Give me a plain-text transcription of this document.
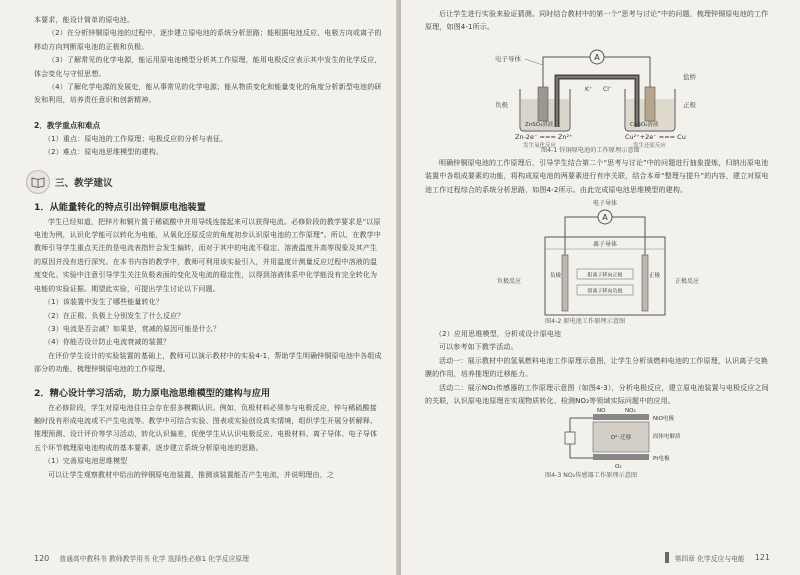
本要求，能设计简单的原电池。

（2）在分析锌铜原电池的过程中，逐步建立原电池的系统分析思路；能根据电池反应、电极方向或离子的移动方向判断原电池的正极和负极。

（3）了解常见的化学电源，能运用原电池模型分析其工作原理，能用电极反应表示其中发生的化学反应，体会变化与守恒思想。

（4）了解化学电源的发展史，能从事常见的化学电源；能从物质变化和能量变化的角度分析新型电池的研发和利用，培养责任意识和创新精神。

2．教学重点和难点

（1）重点：原电池的工作原理；电极反应的分析与表征。

（2）难点：原电池思维模型的建构。

三、教学建议
1．从能量转化的特点引出锌铜原电池装置

学生已经知道，把锌片和铜片置于稀硫酸中并用导线连接起来可以获得电流。必修阶段的教学要求是“以原电池为例，认识化学能可以转化为电能，从氧化还原反应的角度初步认识原电池的工作原理”。所以，在教学中教师引导学生重点关注的是电流表指针会发生偏转，而对于其中的电流不稳定、溶液温度升高等现象及其产生的原因并没有进行深究。在本书内容的教学中，教师可利用该实验引入，并用温度计测量反应过程中溶液的温度变化。实验中注意引导学生关注负极表面的变化及电流的稳定性，以得到溶液体系中化学能没有完全转化为电能的实验证据。期望此实验，可提出学生讨论以下问题。

（1）该装置中发生了哪些能量转化？

（2）在正极、负极上分别发生了什么反应？

（3）电流是否会减？如果是，衰减的原因可能是什么？

（4）你能否设计防止电流衰减的装置？

在评价学生设计的实验装置的基础上，教师可以演示教材中的实验4-1，帮助学生明确锌铜原电池中各组成部分的功能，梳理锌铜原电池的工作原理。

2．精心设计学习活动，助力原电池思维模型的建构与应用

在必修阶段，学生对原电池往往会存在很多模糊认识。例如，负极材料必须参与电极反应，锌与稀硫酸接触时没有形成电流或不产生电流等。教学中可结合实验、图表或实验创设真实情境，组织学生开展分析解释、推理预测、设计评价等学习活动，转化认识偏差，促使学生从认识电极反应、电极材料、离子导体、电子导体五个环节梳理原电池构成的基本要素，逐步建立系统分析原电池的思路。

（1）完善原电池思维模型

可以让学生观察教材中给出的锌铜原电池装置，推测该装置能否产生电流，并说明理由，之

120 普通高中教科书 教师教学用书 化学 选择性必修1 化学反应原理

后让学生进行实验来验证猜测。同时结合教材中的第一个“思考与讨论”中的问题，梳理锌铜原电池的工作原理，如图4-1所示。

A
电子导体
盐桥
K⁺ Cl⁻
负极	正极
ZnSO₄溶液	CuSO₄溶液
Zn-2e⁻ === Zn²⁺	Cu²⁺+2e⁻ === Cu
发生氧化反应	发生还原反应
图4-1 锌铜原电池的工作原理示意图

明确锌铜原电池的工作原理后，引导学生结合第二个“思考与讨论”中的问题进行抽象提炼，归纳出原电池装置中各组成要素的功能，将构成原电池的两要素进行有序关联，结合本章“整理与提升”的内容，建立对原电池工作过程综合的系统分析思路，如图4-2所示。由此完成原电池思维模型的建构。

A
电子导体
离子导体
负极	正极
阳离子移向正极
阴离子移向负极
负极反应	正极反应
图4-2 原电池工作原理示意图

（2）应用思维模型，分析或设计原电池

可以参考如下教学活动。

活动一：展示教材中的氢氧燃料电池工作原理示意图，让学生分析该燃料电池的工作原理，认识离子交换膜的作用，培养推理的迁移能力。

活动二：展示NO₂传感器的工作原理示意图（如图4-3），分析电极反应，建立原电池装置与电极反应之间的关联，认识原电池原理在实现物质转化、检测NO₂等领域实际问题中的应用。

O²⁻迁移
NO	NO₂
NiO电极
固体电解质
Pt电极
O₂
图4-3 NO₂传感器工作原理示意图
第四章 化学反应与电能 121
